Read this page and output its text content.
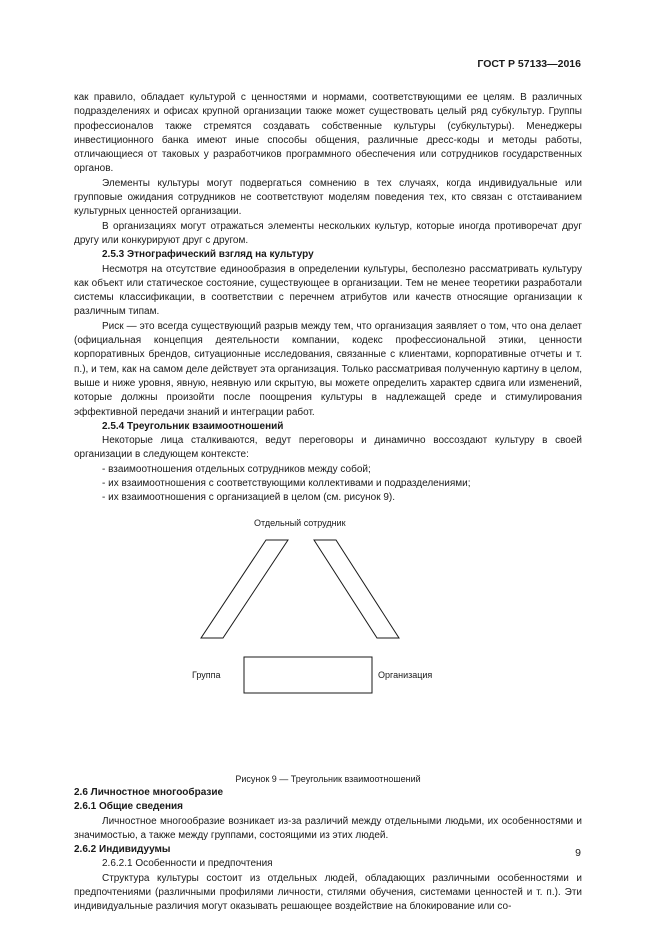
ГОСТ Р 57133—2016

как правило, обладает культурой с ценностями и нормами, соответствующими ее целям. В различных подразделениях и офисах крупной организации также может существовать целый ряд субкультур. Группы профессионалов также стремятся создавать собственные культуры (субкультуры). Менеджеры инвестиционного банка имеют иные способы общения, различные дресс-коды и методы работы, отличающиеся от таковых у разработчиков программного обеспечения или сотрудников государственных органов.

Элементы культуры могут подвергаться сомнению в тех случаях, когда индивидуальные или групповые ожидания сотрудников не соответствуют моделям поведения тех, кто связан с отстаиванием культурных ценностей организации.

В организациях могут отражаться элементы нескольких культур, которые иногда противоречат друг другу или конкурируют друг с другом.

2.5.3 Этнографический взгляд на культуру

Несмотря на отсутствие единообразия в определении культуры, бесполезно рассматривать культуру как объект или статическое состояние, существующее в организации. Тем не менее теоретики разработали системы классификации, в соответствии с перечнем атрибутов или качеств относящие организации к различным типам.

Риск — это всегда существующий разрыв между тем, что организация заявляет о том, что она делает (официальная концепция деятельности компании, кодекс профессиональной этики, ценности корпоративных брендов, ситуационные исследования, связанные с клиентами, корпоративные отчеты и т. п.), и тем, как на самом деле действует эта организация. Только рассматривая полученную картину в целом, выше и ниже уровня, явную, неявную или скрытую, вы можете определить характер сдвига или изменений, которые должны произойти после поощрения культуры в надлежащей среде и стимулирования эффективной передачи знаний и интеграции работ.

2.5.4 Треугольник взаимоотношений

Некоторые лица сталкиваются, ведут переговоры и динамично воссоздают культуру в своей организации в следующем контексте:

- взаимоотношения отдельных сотрудников между собой;
- их взаимоотношения с соответствующими коллективами и подразделениями;
- их взаимоотношения с организацией в целом (см. рисунок 9).
Отдельный сотрудник
Группа	Организация

Рисунок 9 — Треугольник взаимоотношений

2.6 Личностное многообразие

2.6.1 Общие сведения

Личностное многообразие возникает из-за различий между отдельными людьми, их особенностями и значимостью, а также между группами, состоящими из этих людей.

2.6.2 Индивидуумы

2.6.2.1 Особенности и предпочтения

Структура культуры состоит из отдельных людей, обладающих различными особенностями и предпочтениями (различными профилями личности, стилями обучения, системами ценностей и т. п.). Эти индивидуальные различия могут оказывать решающее воздействие на блокирование или со-

9
